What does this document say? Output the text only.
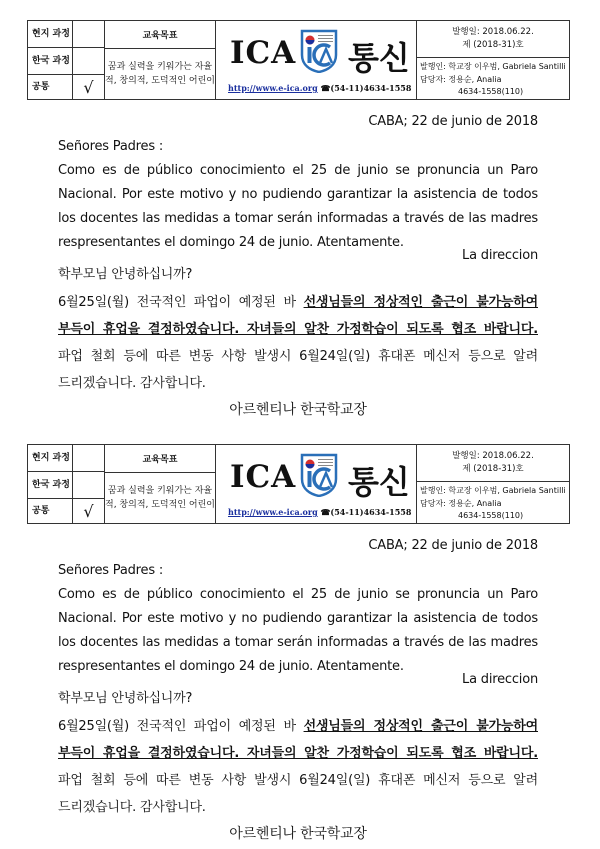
현지 과정
한국 과정
공통	√
교육목표
꿈과 실력을 키워가는 자율적, 창의적, 도덕적인 어린이
ICA 통신
http://www.e-ica.org ☎(54-11)4634-1558
발행일: 2018.06.22.
제 (2018-31)호
발행인: 학교장 이우범, Gabriela Santilli
담당자: 정용순, Analia
4634-1558(110)
CABA; 22 de junio de 2018
Señores Padres :
Como es de público conocimiento el 25 de junio se pronuncia un Paro
Nacional. Por este motivo y no pudiendo garantizar la asistencia de todos
los docentes las medidas a tomar serán informadas a través de las madres
respresentantes el domingo 24 de junio. Atentamente.
La direccion
학부모님 안녕하십니까?
6월25일(월) 전국적인 파업이 예정된 바 선생님들의 정상적인 출근이 불가능하여
부득이 휴업을 결정하였습니다. 자녀들의 알찬 가정학습이 되도록 협조 바랍니다.
파업 철회 등에 따른 변동 사항 발생시 6월24일(일) 휴대폰 메신저 등으로 알려
드리겠습니다. 감사합니다.
아르헨티나 한국학교장
현지 과정
한국 과정
공통	√
교육목표
꿈과 실력을 키워가는 자율적, 창의적, 도덕적인 어린이
ICA 통신
http://www.e-ica.org ☎(54-11)4634-1558
발행일: 2018.06.22.
제 (2018-31)호
발행인: 학교장 이우범, Gabriela Santilli
담당자: 정용순, Analia
4634-1558(110)
CABA; 22 de junio de 2018
Señores Padres :
Como es de público conocimiento el 25 de junio se pronuncia un Paro
Nacional. Por este motivo y no pudiendo garantizar la asistencia de todos
los docentes las medidas a tomar serán informadas a través de las madres
respresentantes el domingo 24 de junio. Atentamente.
La direccion
학부모님 안녕하십니까?
6월25일(월) 전국적인 파업이 예정된 바 선생님들의 정상적인 출근이 불가능하여
부득이 휴업을 결정하였습니다. 자녀들의 알찬 가정학습이 되도록 협조 바랍니다.
파업 철회 등에 따른 변동 사항 발생시 6월24일(일) 휴대폰 메신저 등으로 알려
드리겠습니다. 감사합니다.
아르헨티나 한국학교장
